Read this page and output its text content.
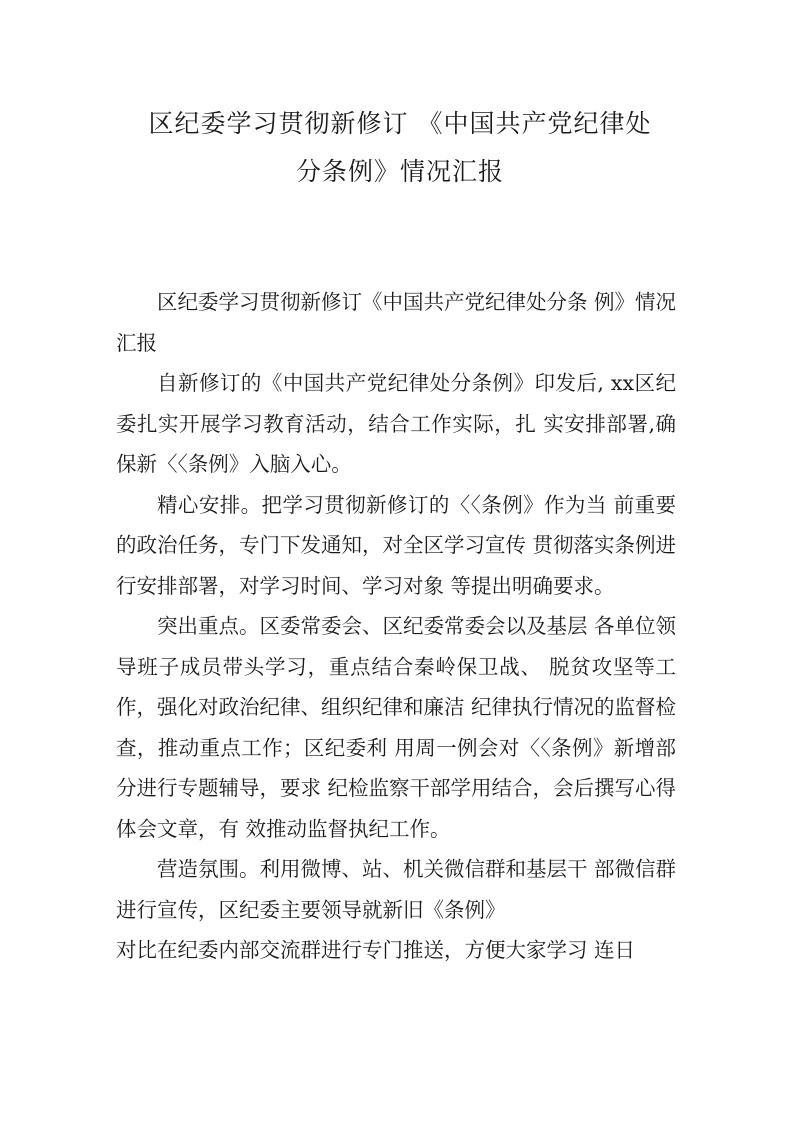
区纪委学习贯彻新修订 《中国共产党纪律处
分条例》情况汇报

区纪委学习贯彻新修订《中国共产党纪律处分条 例》情况汇报

自新修订的《中国共产党纪律处分条例》印发后, xx区纪委扎实开展学习教育活动，结合工作实际，扎 实安排部署,确保新〈〈条例》入脑入心。

精心安排。把学习贯彻新修订的〈〈条例》作为当 前重要的政治任务，专门下发通知，对全区学习宣传 贯彻落实条例进行安排部署，对学习时间、学习对象 等提出明确要求。

突出重点。区委常委会、区纪委常委会以及基层 各单位领导班子成员带头学习，重点结合秦岭保卫战、 脱贫攻坚等工作，强化对政治纪律、组织纪律和廉洁 纪律执行情况的监督检查，推动重点工作；区纪委利 用周一例会对〈〈条例》新增部分进行专题辅导，要求 纪检监察干部学用结合，会后撰写心得体会文章，有 效推动监督执纪工作。

营造氛围。利用微博、站、机关微信群和基层干 部微信群进行宣传，区纪委主要领导就新旧《条例》

对比在纪委内部交流群进行专门推送，方便大家学习 连日
